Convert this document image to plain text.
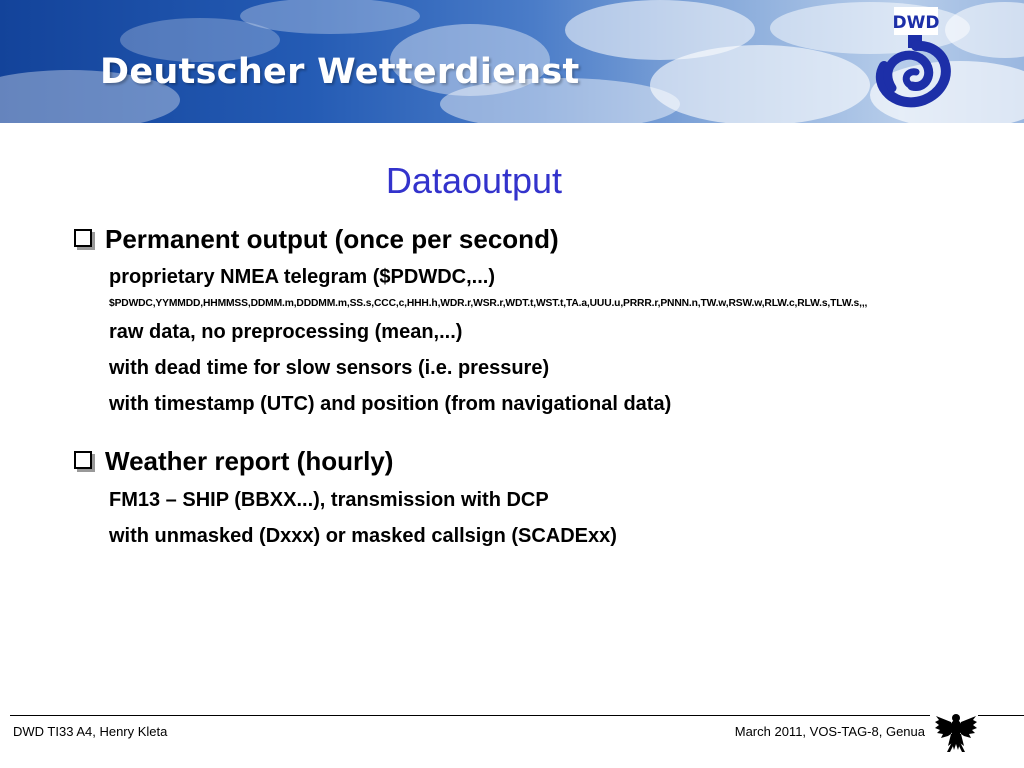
Deutscher Wetterdienst
DWD
Dataoutput
Permanent output (once per second)
proprietary NMEA telegram ($PDWDC,...)
$PDWDC,YYMMDD,HHMMSS,DDMM.m,DDDMM.m,SS.s,CCC,c,HHH.h,WDR.r,WSR.r,WDT.t,WST.t,TA.a,UUU.u,PRRR.r,PNNN.n,TW.w,RSW.w,RLW.c,RLW.s,TLW.s,,,
raw data, no preprocessing (mean,...)
with dead time for slow sensors (i.e. pressure)
with timestamp (UTC) and position (from navigational data)
Weather report (hourly)
FM13 – SHIP (BBXX...), transmission with DCP
with unmasked (Dxxx) or masked callsign (SCADExx)
DWD TI33 A4, Henry Kleta	March 2011, VOS-TAG-8, Genua
